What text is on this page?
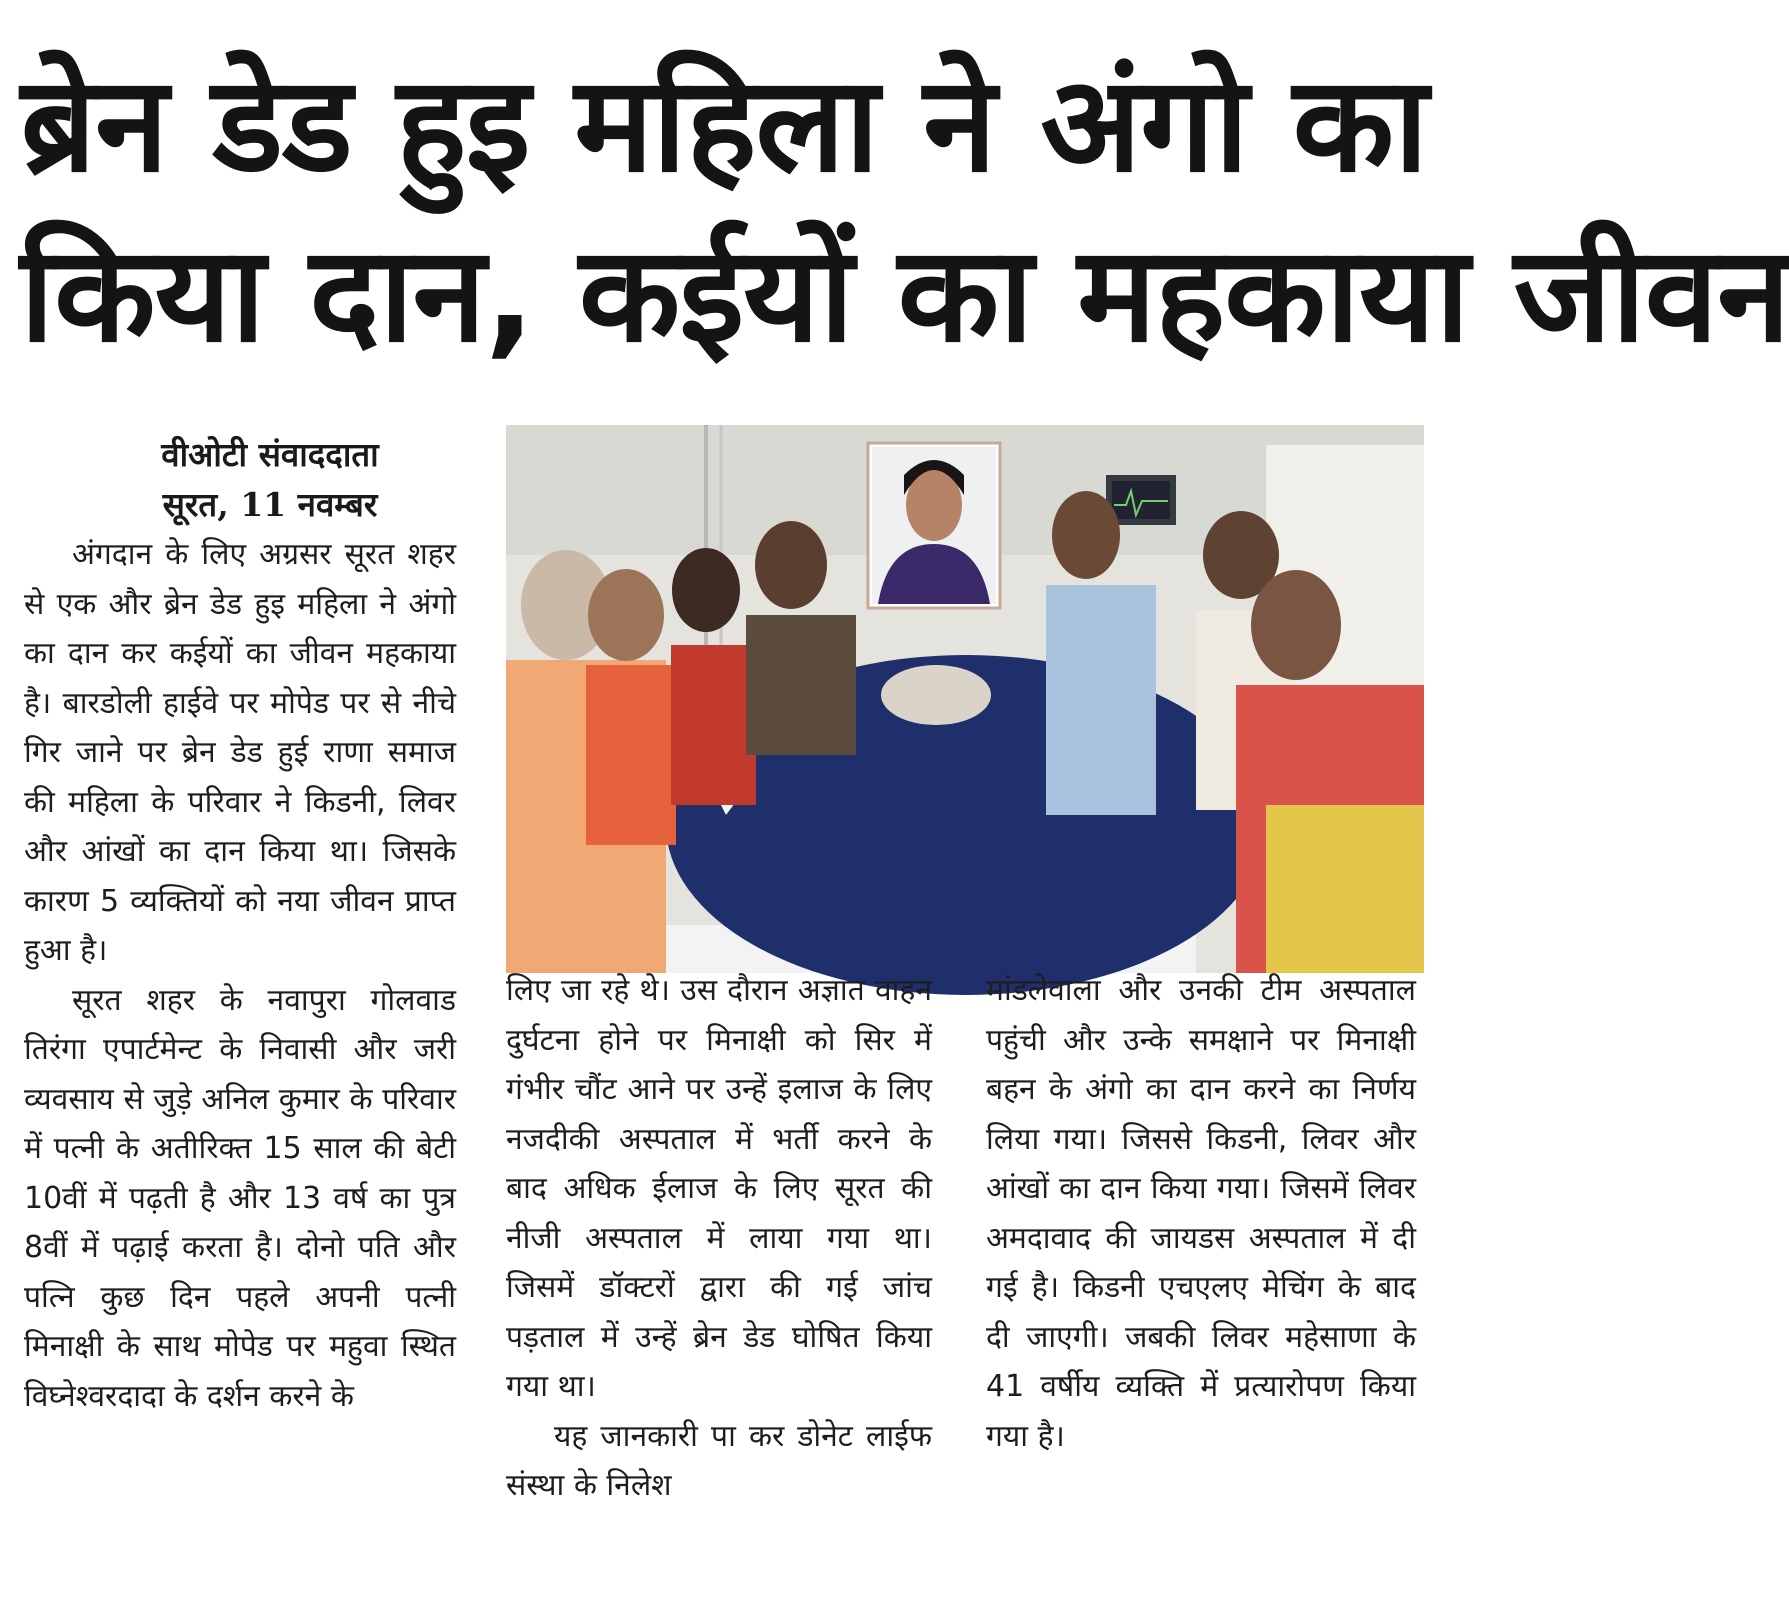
ब्रेन डेड हुइ महिला ने अंगो का
किया दान, कईयों का महकाया जीवन
वीओटी संवाददाता
सूरत, 11 नवम्बर

अंगदान के लिए अग्रसर सूरत शहर से एक और ब्रेन डेड हुइ महिला ने अंगो का दान कर कईयों का जीवन महकाया है। बारडोली हाईवे पर मोपेड पर से नीचे गिर जाने पर ब्रेन डेड हुई राणा समाज की महिला के परिवार ने किडनी, लिवर और आंखों का दान किया था। जिसके कारण 5 व्यक्तियों को नया जीवन प्राप्त हुआ है।

सूरत शहर के नवापुरा गोलवाड तिरंगा एपार्टमेन्ट के निवासी और जरी व्यवसाय से जुड़े अनिल कुमार के परिवार में पत्नी के अतीरिक्त 15 साल की बेटी 10वीं में पढ़ती है और 13 वर्ष का पुत्र 8वीं में पढ़ाई करता है। दोनो पति और पत्नि कुछ दिन पहले अपनी पत्नी मिनाक्षी के साथ मोपेड पर महुवा स्थित विघ्नेश्वरदादा के दर्शन करने के

लिए जा रहे थे। उस दौरान अज्ञात वाहन दुर्घटना होने पर मिनाक्षी को सिर में गंभीर चौंट आने पर उन्हें इलाज के लिए नजदीकी अस्पताल में भर्ती करने के बाद अधिक ईलाज के लिए सूरत की नीजी अस्पताल में लाया गया था। जिसमें डॉक्टरों द्वारा की गई जांच पड़ताल में उन्हें ब्रेन डेड घोषित किया गया था।

यह जानकारी पा कर डोनेट लाईफ संस्था के निलेश

मांडलेवाला और उनकी टीम अस्पताल पहुंची और उन्के समक्षाने पर मिनाक्षी बहन के अंगो का दान करने का निर्णय लिया गया। जिससे किडनी, लिवर और आंखों का दान किया गया। जिसमें लिवर अमदावाद की जायडस अस्पताल में दी गई है। किडनी एचएलए मेचिंग के बाद दी जाएगी। जबकी लिवर महेसाणा के 41 वर्षीय व्यक्ति में प्रत्यारोपण किया गया है।
